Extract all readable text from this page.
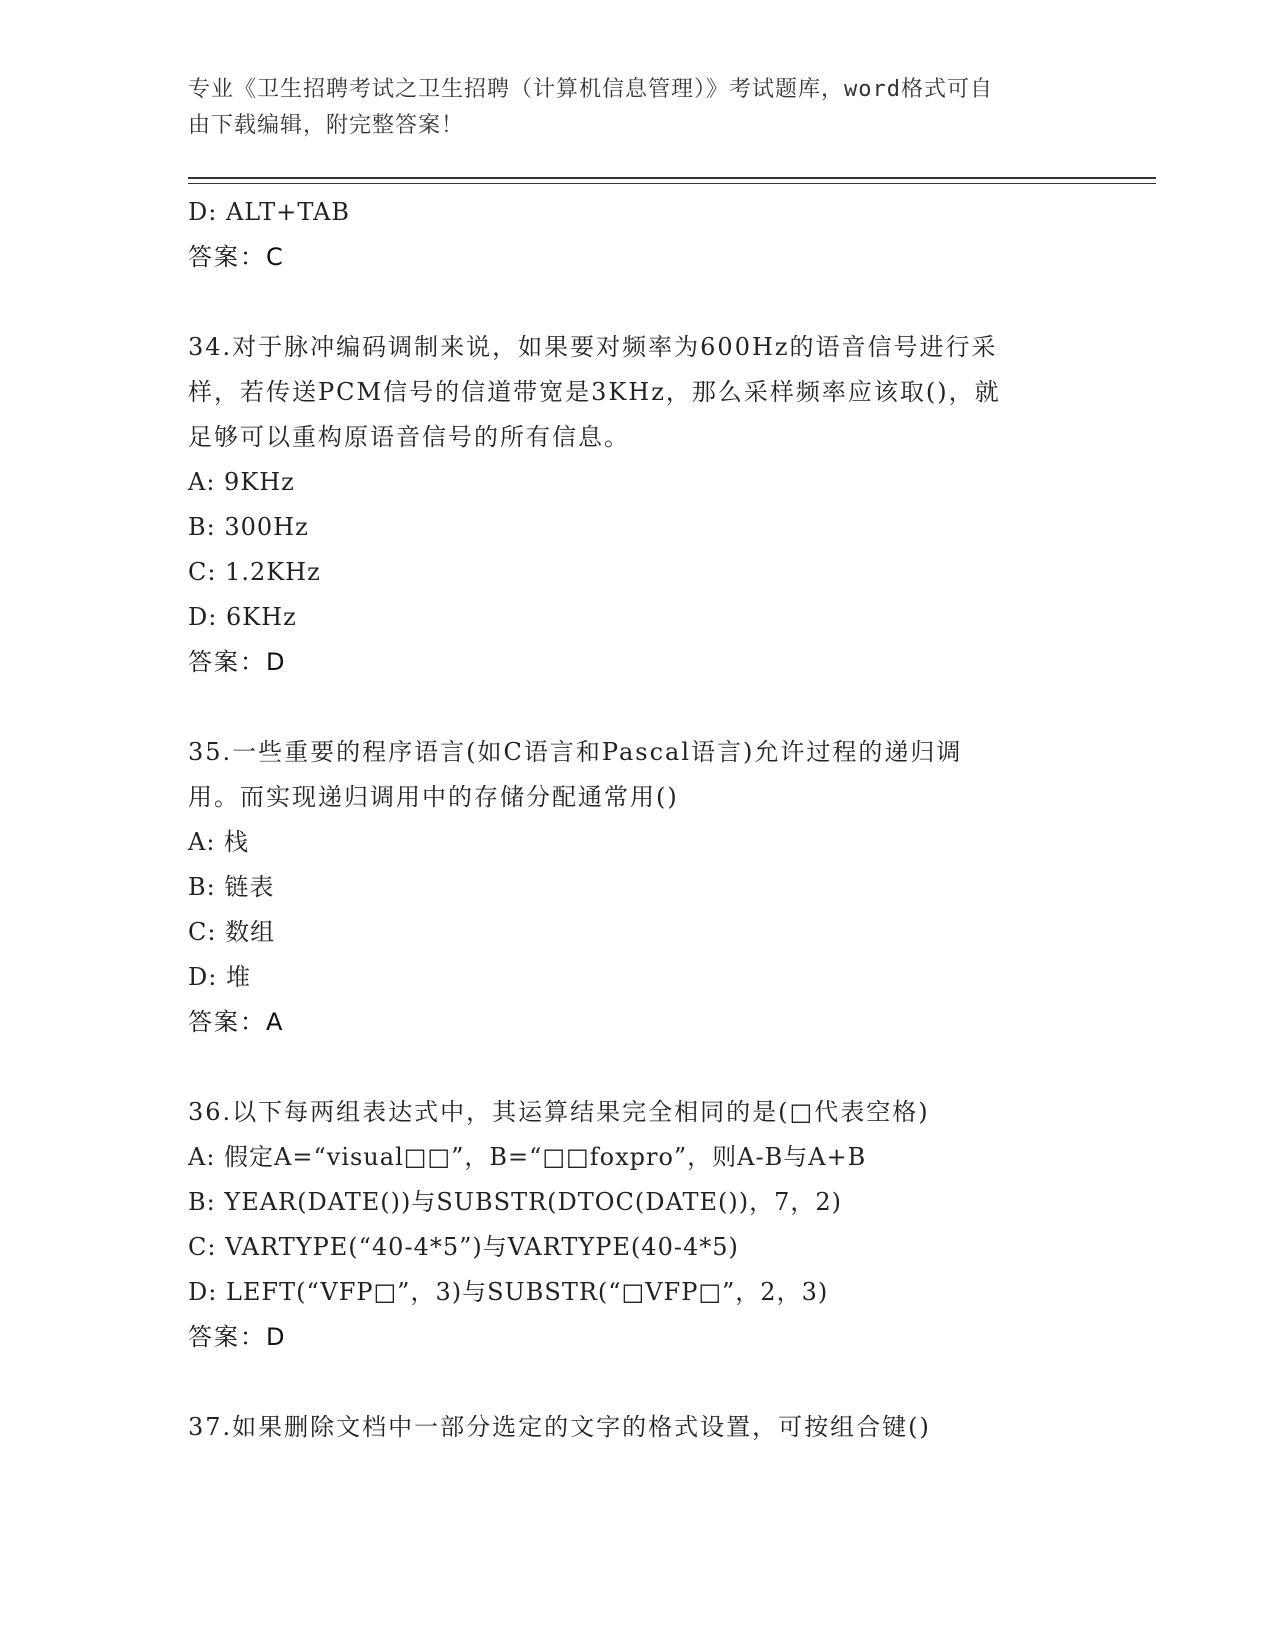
专业《卫生招聘考试之卫生招聘（计算机信息管理）》考试题库，word格式可自
由下载编辑，附完整答案！
D: ALT+TAB
答案：C
34.对于脉冲编码调制来说，如果要对频率为600Hz的语音信号进行采
样，若传送PCM信号的信道带宽是3KHz，那么采样频率应该取()，就
足够可以重构原语音信号的所有信息。
A: 9KHz
B: 300Hz
C: 1.2KHz
D: 6KHz
答案：D
35.一些重要的程序语言(如C语言和Pascal语言)允许过程的递归调
用。而实现递归调用中的存储分配通常用()
A: 栈
B: 链表
C: 数组
D: 堆
答案：A
36.以下每两组表达式中，其运算结果完全相同的是(□代表空格)
A: 假定A=“visual□□”，B=“□□foxpro”，则A-B与A+B
B: YEAR(DATE())与SUBSTR(DTOC(DATE())，7，2)
C: VARTYPE(“40-4*5”)与VARTYPE(40-4*5)
D: LEFT(“VFP□”，3)与SUBSTR(“□VFP□”，2，3)
答案：D
37.如果删除文档中一部分选定的文字的格式设置，可按组合键()
